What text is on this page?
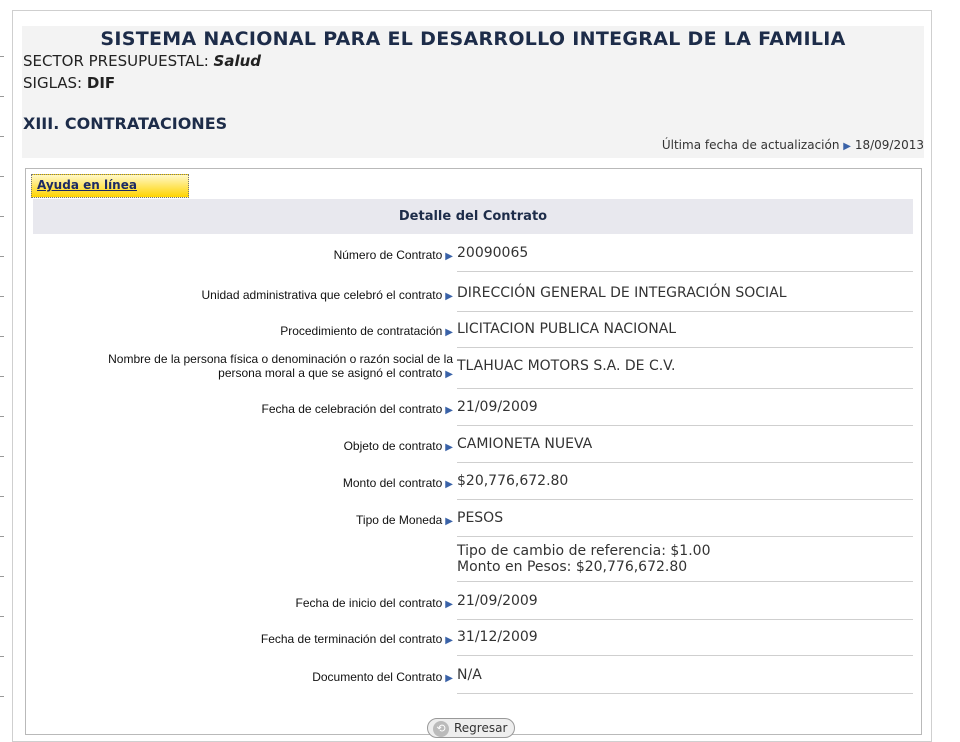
SISTEMA NACIONAL PARA EL DESARROLLO INTEGRAL DE LA FAMILIA
SECTOR PRESUPUESTAL: Salud
SIGLAS: DIF
XIII. CONTRATACIONES
Última fecha de actualización ▶ 18/09/2013
Ayuda en línea
Detalle del Contrato
Número de Contrato ▶ 20090065
Unidad administrativa que celebró el contrato ▶ DIRECCIÓN GENERAL DE INTEGRACIÓN SOCIAL
Procedimiento de contratación ▶ LICITACION PUBLICA NACIONAL
Nombre de la persona física o denominación o razón social de la
persona moral a que se asignó el contrato ▶
TLAHUAC MOTORS S.A. DE C.V.
Fecha de celebración del contrato ▶ 21/09/2009
Objeto de contrato ▶ CAMIONETA NUEVA
Monto del contrato ▶ $20,776,672.80
Tipo de Moneda ▶ PESOS
Tipo de cambio de referencia: $1.00
Monto en Pesos: $20,776,672.80
Fecha de inicio del contrato ▶ 21/09/2009
Fecha de terminación del contrato ▶ 31/12/2009
Documento del Contrato ▶ N/A
⟲ Regresar
